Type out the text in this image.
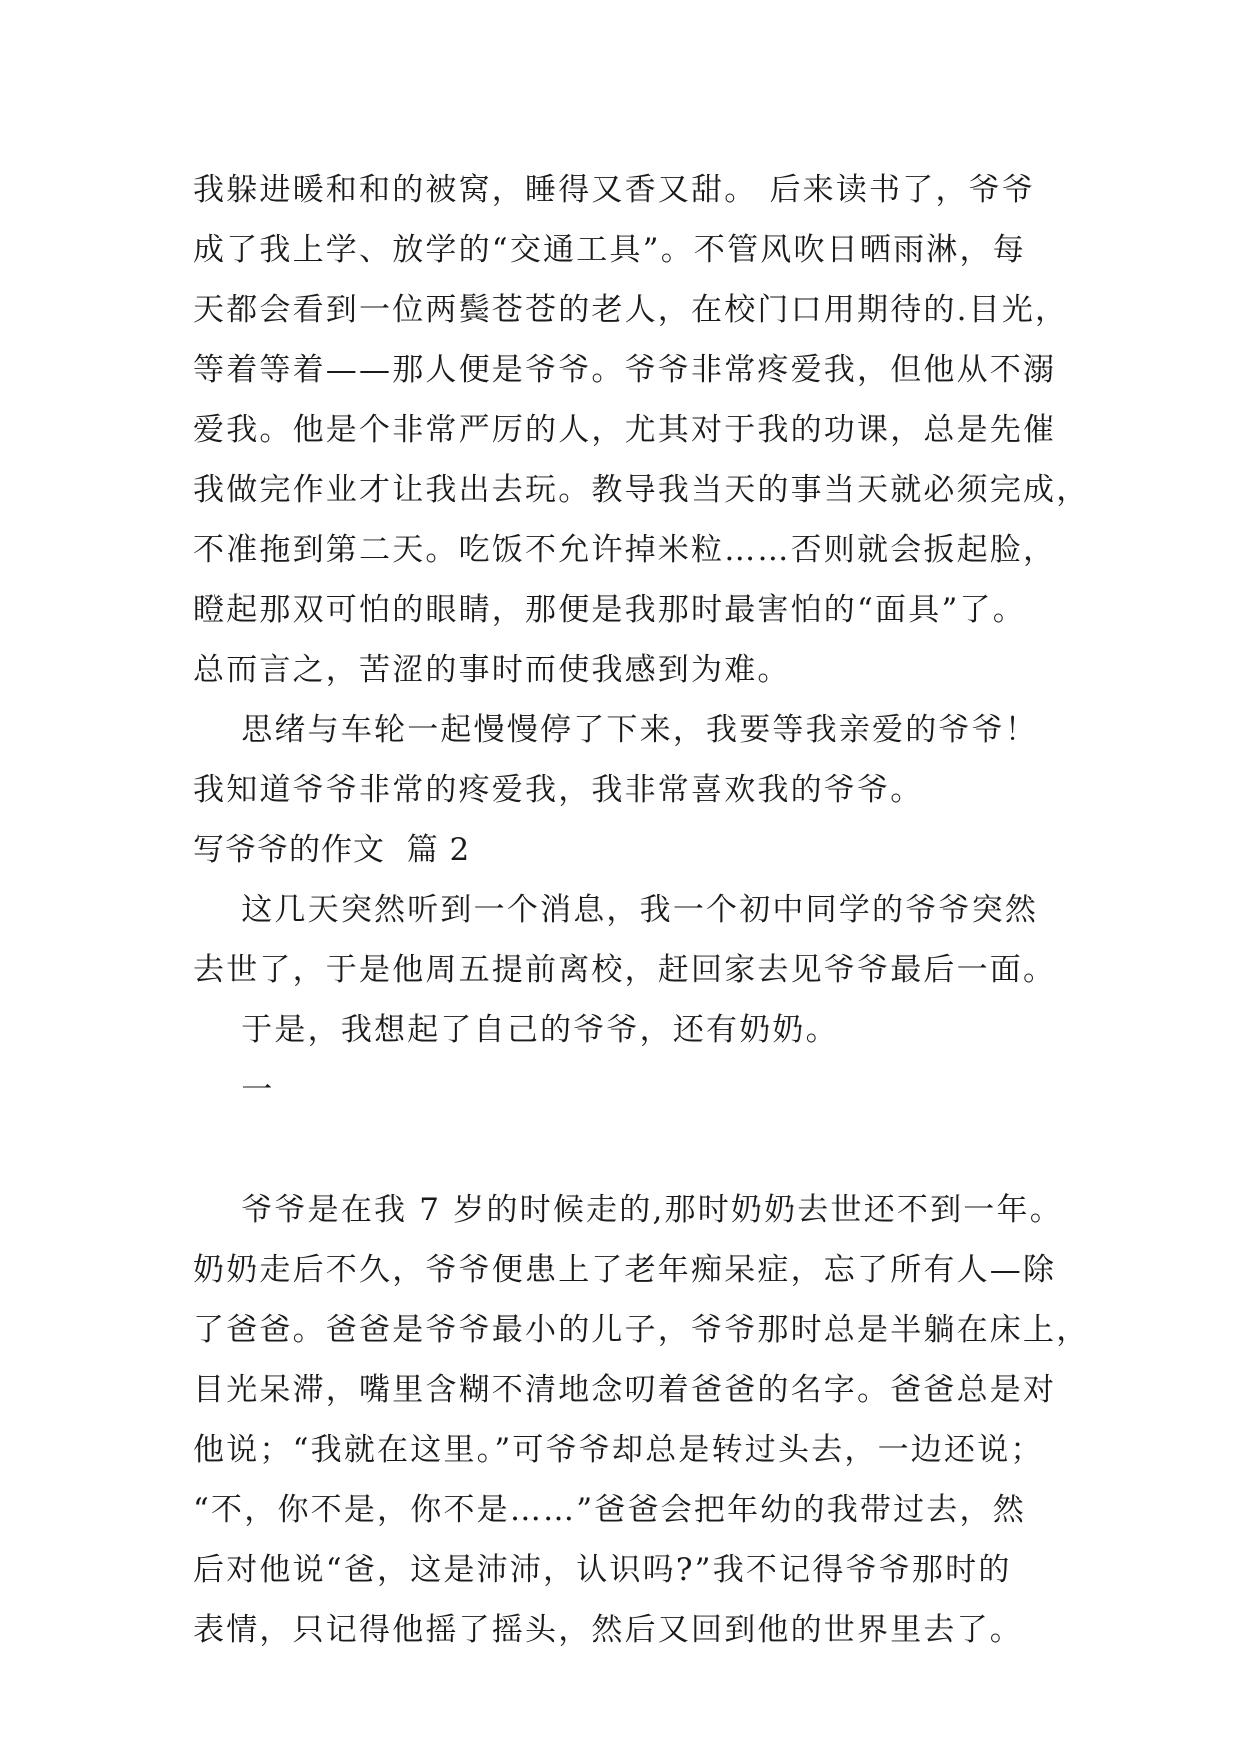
我躲进暖和和的被窝，睡得又香又甜。 后来读书了，爷爷
成了我上学、放学的“交通工具”。不管风吹日晒雨淋，每
天都会看到一位两鬓苍苍的老人，在校门口用期待的.目光，
等着等着——那人便是爷爷。爷爷非常疼爱我，但他从不溺
爱我。他是个非常严厉的人，尤其对于我的功课，总是先催
我做完作业才让我出去玩。教导我当天的事当天就必须完成，
不准拖到第二天。吃饭不允许掉米粒……否则就会扳起脸，
瞪起那双可怕的眼睛，那便是我那时最害怕的“面具”了。
总而言之，苦涩的事时而使我感到为难。
思绪与车轮一起慢慢停了下来，我要等我亲爱的爷爷！
我知道爷爷非常的疼爱我，我非常喜欢我的爷爷。
写爷爷的作文  篇 2
这几天突然听到一个消息，我一个初中同学的爷爷突然
去世了，于是他周五提前离校，赶回家去见爷爷最后一面。
于是，我想起了自己的爷爷，还有奶奶。
一
爷爷是在我 7 岁的时候走的,那时奶奶去世还不到一年。
奶奶走后不久，爷爷便患上了老年痴呆症，忘了所有人—除
了爸爸。爸爸是爷爷最小的儿子，爷爷那时总是半躺在床上，
目光呆滞，嘴里含糊不清地念叨着爸爸的名字。爸爸总是对
他说；“我就在这里。”可爷爷却总是转过头去，一边还说；
“不，你不是，你不是……”爸爸会把年幼的我带过去，然
后对他说“爸，这是沛沛，认识吗?”我不记得爷爷那时的
表情，只记得他摇了摇头，然后又回到他的世界里去了。
